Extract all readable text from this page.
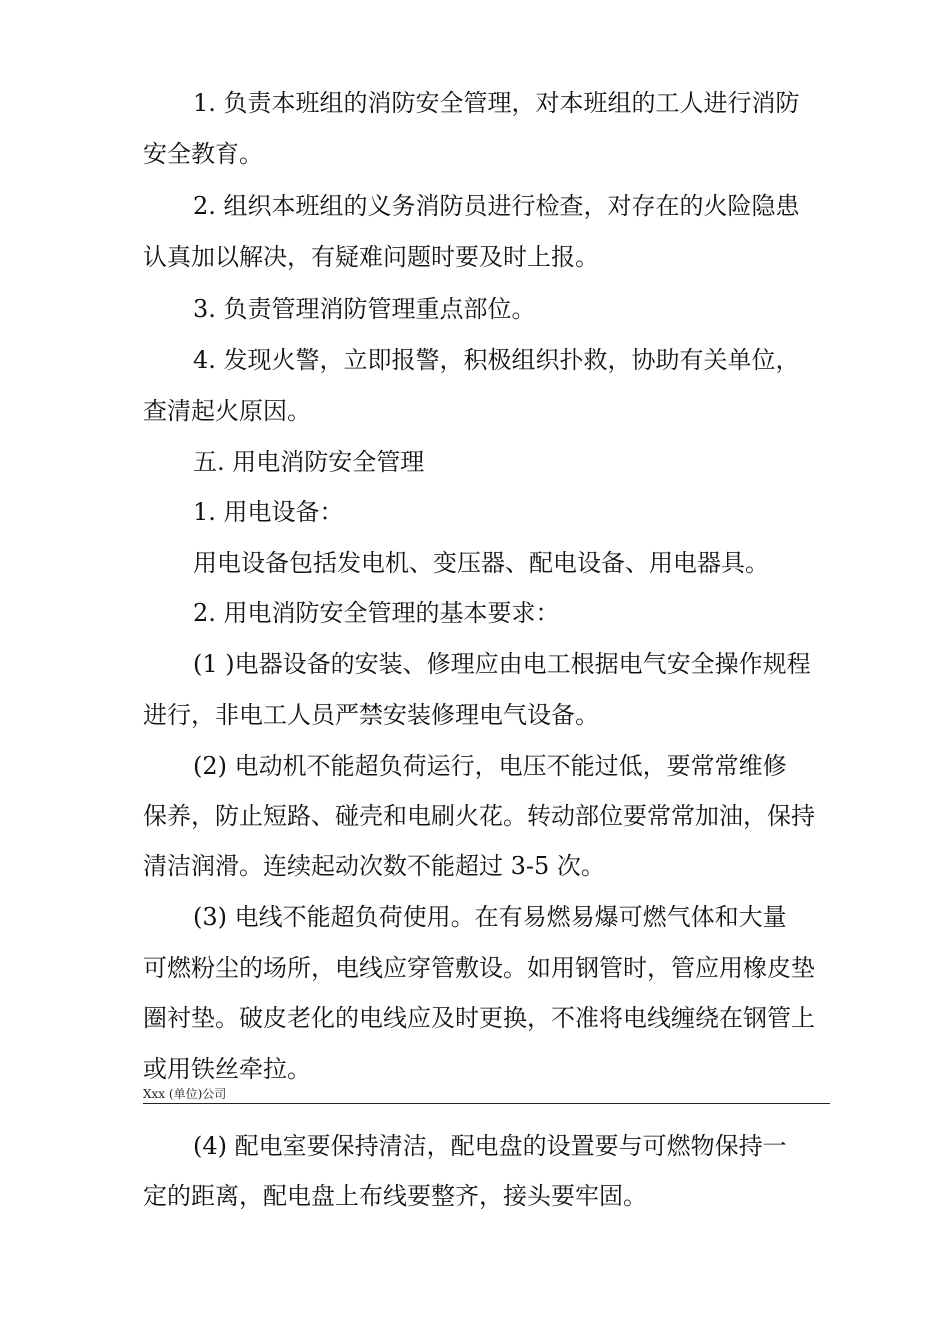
1. 负责本班组的消防安全管理，对本班组的工人进行消防
安全教育。
2. 组织本班组的义务消防员进行检查，对存在的火险隐患
认真加以解决，有疑难问题时要及时上报。
3. 负责管理消防管理重点部位。
4. 发现火警，立即报警，积极组织扑救，协助有关单位，
查清起火原因。
五. 用电消防安全管理
1. 用电设备：
用电设备包括发电机、变压器、配电设备、用电器具。
2. 用电消防安全管理的基本要求：
(1 )电器设备的安装、修理应由电工根据电气安全操作规程
进行，非电工人员严禁安装修理电气设备。
(2) 电动机不能超负荷运行，电压不能过低，要常常维修
保养，防止短路、碰壳和电刷火花。转动部位要常常加油，保持
清洁润滑。连续起动次数不能超过 3-5 次。
(3) 电线不能超负荷使用。在有易燃易爆可燃气体和大量
可燃粉尘的场所，电线应穿管敷设。如用钢管时，管应用橡皮垫
圈衬垫。破皮老化的电线应及时更换，不准将电线缠绕在钢管上
或用铁丝牵拉。
Xxx (单位)公司
(4) 配电室要保持清洁，配电盘的设置要与可燃物保持一
定的距离，配电盘上布线要整齐，接头要牢固。
